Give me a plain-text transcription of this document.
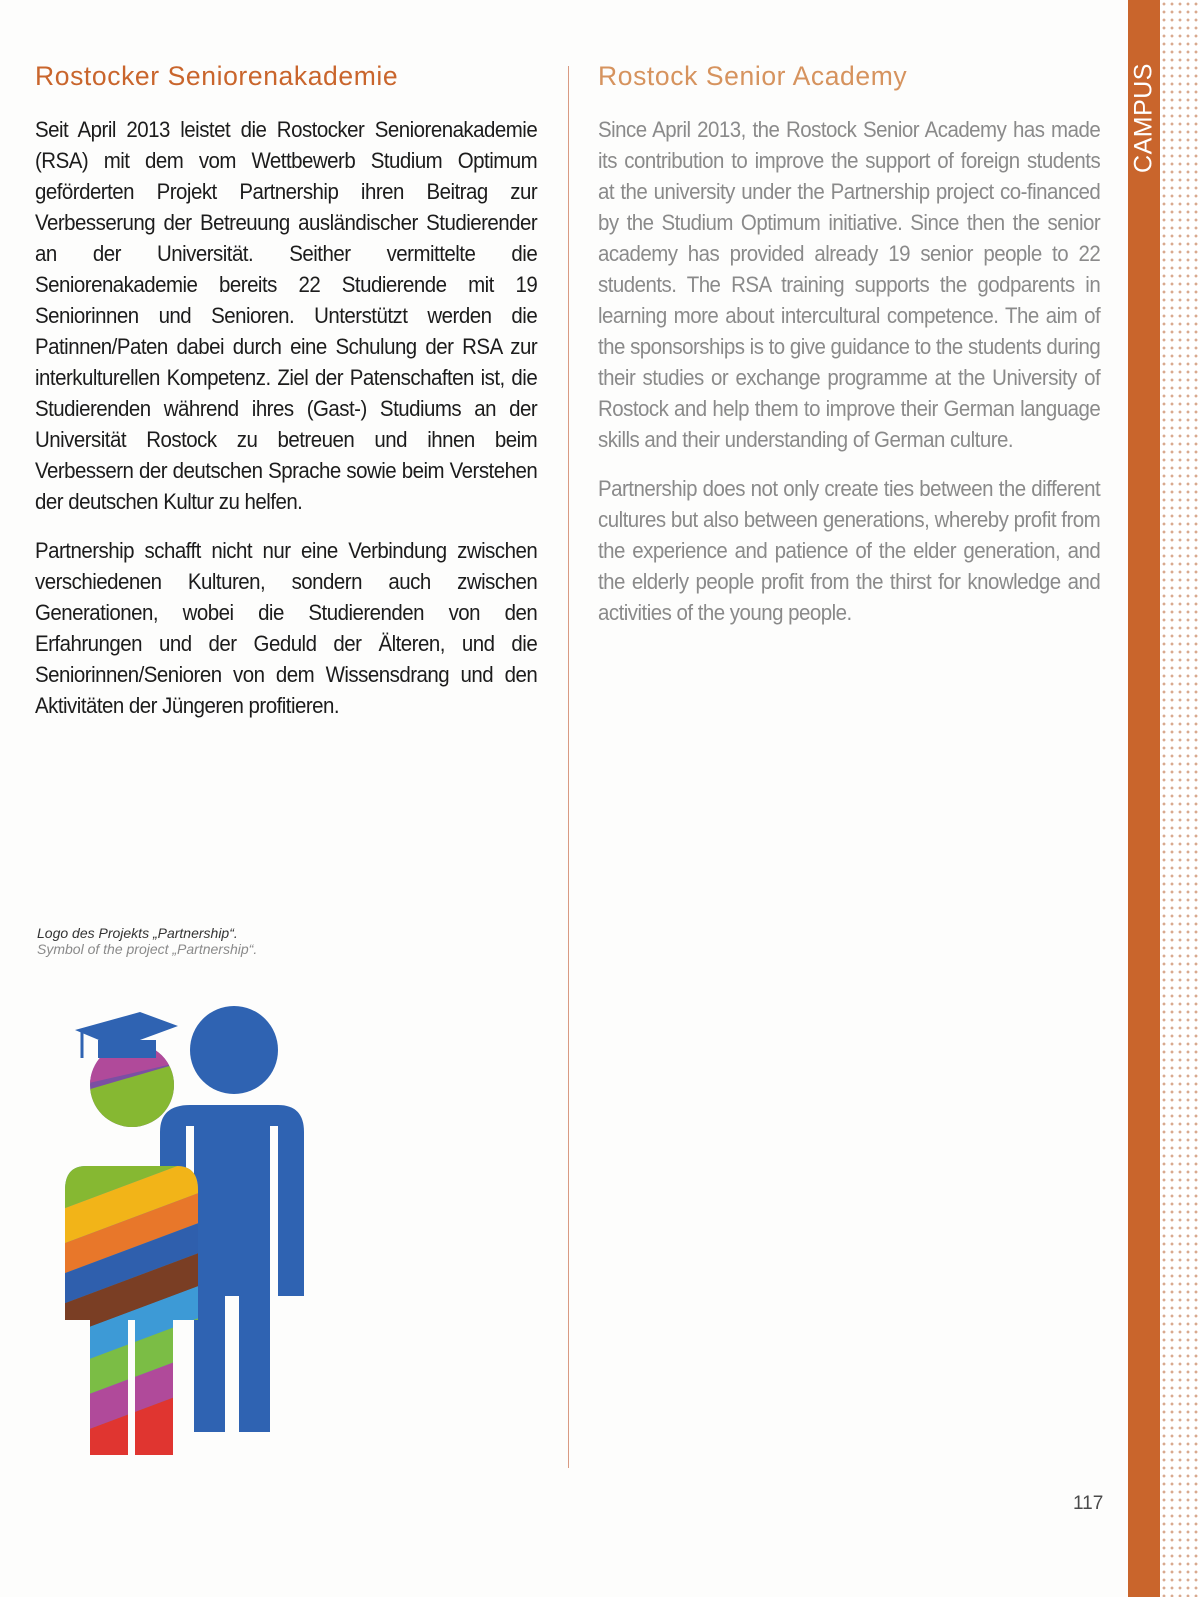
CAMPUS
Rostocker Seniorenakademie

Seit April 2013 leistet die Rostocker Seniorenakademie (RSA) mit dem vom Wettbewerb Studium Optimum geförderten Projekt Partnership ihren Beitrag zur Verbesserung der Betreuung ausländischer Studierender an der Universität. Seither vermittelte die Seniorenakademie bereits 22 Studierende mit 19 Seniorinnen und Senioren. Unterstützt werden die Patinnen/Paten dabei durch eine Schulung der RSA zur interkulturellen Kompetenz. Ziel der Patenschaften ist, die Studierenden während ihres (Gast-) Studiums an der Universität Rostock zu betreuen und ihnen beim Verbessern der deutschen Sprache sowie beim Verstehen der deutschen Kultur zu helfen.

Partnership schafft nicht nur eine Verbindung zwischen verschiedenen Kulturen, sondern auch zwischen Generationen, wobei die Studierenden von den Erfahrungen und der Geduld der Älteren, und die Seniorinnen/Senioren von dem Wissensdrang und den Aktivitäten der Jüngeren profitieren.

Rostock Senior Academy

Since April 2013, the Rostock Senior Academy has made its contribution to improve the support of foreign students at the university under the Partnership project co-financed by the Studium Optimum initiative. Since then the senior academy has provided already 19 senior people to 22 students. The RSA training supports the godparents in learning more about intercultural competence. The aim of the sponsorships is to give guidance to the students during their studies or exchange programme at the University of Rostock and help them to improve their German language skills and their understanding of German culture.

Partnership does not only create ties between the different cultures but also between generations, whereby profit from the experience and patience of the elder generation, and the elderly people profit from the thirst for knowledge and activities of the young people.

Logo des Projekts „Partnership“.
Symbol of the project „Partnership“.
117
